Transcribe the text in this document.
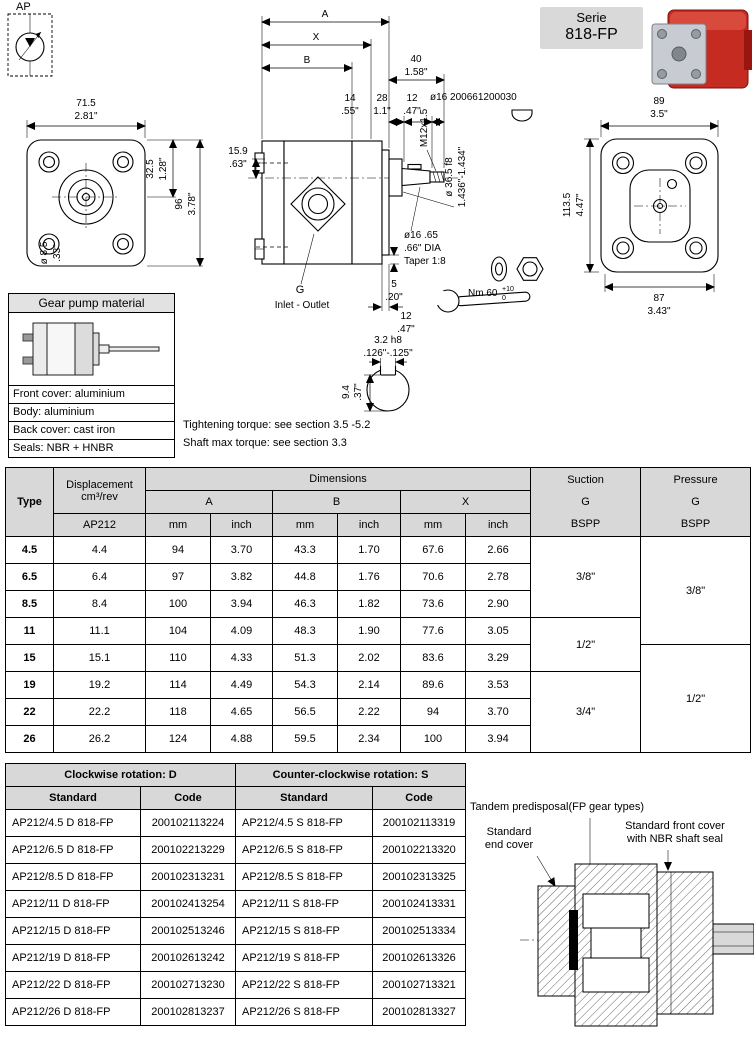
AP
71.5
2.81"
32.5 1.28"
96 3.78"
ø 8.5 .33"
A
X
B	40
1.58"
14
.55"
28
1.1"
12
.47"
ø16 200661200030
M12x1.5
ø 36.5 f8 1.436"-1.434"
15.9
.63"
ø16 .65
.66" DIA
Taper 1:8
5
.20"
12
.47"
G
Inlet - Outlet
Nm 60 +10
0
3.2 h8
.126"-.125"
9.4 .37"
89
3.5"
113.5 4.47"
87
3.43"
Serie
818-FP
Gear pump material
Front cover: aluminium
Body: aluminium
Back cover: cast iron
Seals: NBR + HNBR
Tightening torque: see section 3.5 -5.2
Shaft max torque: see section 3.3
Type	
Displacement
cm³/rev
	Dimensions	Suction
G
BSPP

Pressure
G
BSPP

		A		B		X			
	AP212	mm	inch	mm	inch	mm	inch		
4.5	4.4	94	3.70	43.3	1.70	67.6	2.66	3/8"	3/8"
6.5	6.4	97	3.82	44.8	1.76	70.6	2.78		
8.5	8.4	100	3.94	46.3	1.82	73.6	2.90		
11	11.1	104	4.09	48.3	1.90	77.6	3.05	1/2"	
15	15.1	110	4.33	51.3	2.02	83.6	3.29		1/2"
19	19.2	114	4.49	54.3	2.14	89.6	3.53	3/4"	
22	22.2	118	4.65	56.5	2.22	94	3.70		
26	26.2	124	4.88	59.5	2.34	100	3.94		
Clockwise rotation: D		Counter-clockwise rotation: S	
Standard	Code	Standard	Code
AP212/4.5 D 818-FP	200102113224	AP212/4.5 S 818-FP	200102113319
AP212/6.5 D 818-FP	200102213229	AP212/6.5 S 818-FP	200102213320
AP212/8.5 D 818-FP	200102313231	AP212/8.5 S 818-FP	200102313325
AP212/11 D 818-FP	200102413254	AP212/11 S 818-FP	200102413331
AP212/15 D 818-FP	200102513246	AP212/15 S 818-FP	200102513334
AP212/19 D 818-FP	200102613242	AP212/19 S 818-FP	200102613326
AP212/22 D 818-FP	200102713230	AP212/22 S 818-FP	200102713321
AP212/26 D 818-FP	200102813237	AP212/26 S 818-FP	200102813327
Tandem predisposal(FP gear types)
Standard
end cover
Standard front cover
with NBR shaft seal
